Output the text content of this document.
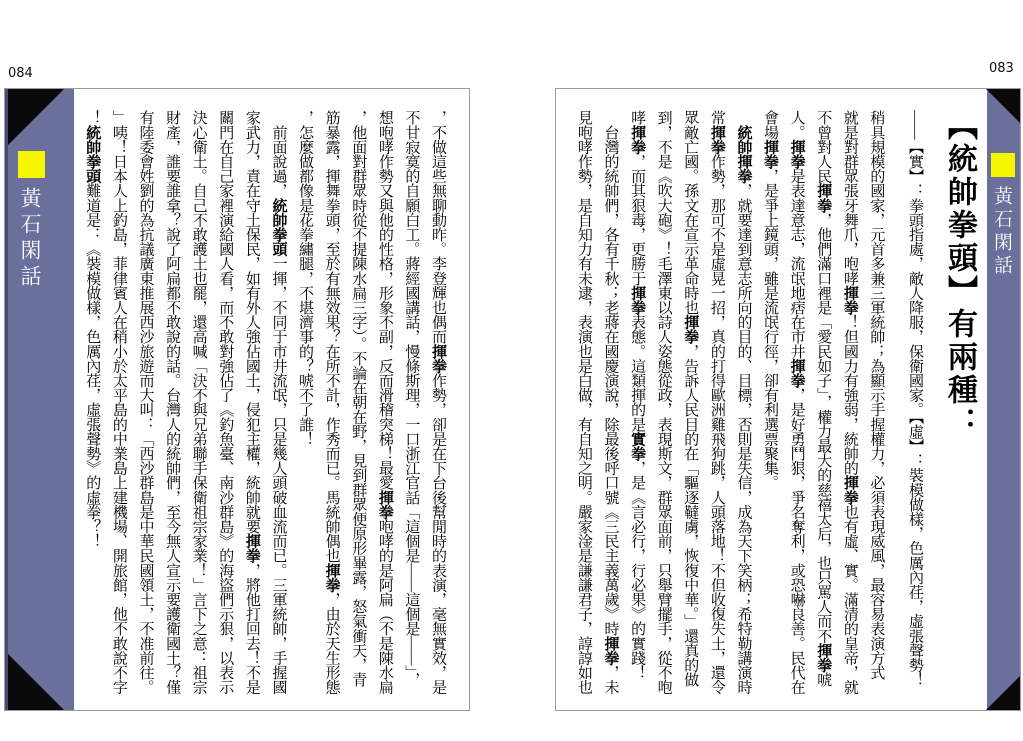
084	083
黃石閑話	，不做這些無聊動昨。李登輝也偶而揮拳作勢，卻是在下台後幫閒時的表演，毫無實效，是
不甘寂寞的自願白工。蔣經國講話，慢條斯理，一口浙江官話「這個是——這個是——」，
想咆哮作勢又與他的性格，形象不副，反而滑稽突梯！最愛揮拳咆哮的是阿扁（不是陳水扁
，他面對群眾時從不提陳水扁三字）。不論在朝在野，見到群眾便原形畢露，怒氣衝天，青
筋暴露，揮舞拳頭，至於有無效果？在所不計，作秀而已。馬統帥偶也揮拳，由於天生形態
，怎麼做都像是花拳繡腿，不堪濟事的？唬不了誰！
　前面說過，統帥拳頭一揮，不同于市井流氓，只是幾人頭破血流而已。三軍統帥，手握國
家武力，責在守土保民，如有外人強佔國土，侵犯主權，統帥就要揮拳，將他打回去！不是
關門在自己家裡演給國人看，而不敢對強佔了《釣魚臺、南沙群島》的海盜們示狠，以表示
決心衛土。自己不敢護土也罷，還高喊「決不與兄弟聯手保衛祖宗家業！」言下之意：祖宗
財產，誰要誰拿？說了阿扁都不敢說的話。台灣人的統帥們，至今無人宣示要護衛國土？僅
有陸委會姓劉的為抗議廣東推展西沙旅遊而大叫：「西沙群島是中華民國領土，不准前往。
」咦！日本人上釣島，菲律賓人在稍小於太平島的中業島上建機場、開旅館，他不敢說不字
！統帥拳頭難道是：《裝模做樣，色厲內荏，虛張聲勢》的虛拳？！	黃石閑話
【統帥拳頭】有兩種：
——【實】：拳頭指處，敵人降服，保衛國家。【虛】：裝模做樣，色厲內荏，虛張聲勢！
稍具規模的國家，元首多兼三軍統帥；為顯示手握權力，必須表現威風，最容易表演方式
就是對群眾張牙舞爪，咆哮揮拳！但國力有強弱，統帥的揮拳也有虛、實。滿清的皇帝，就
不曾對人民揮拳，他們滿口裡是「愛民如子」，權力最大的慈禧太后，也只罵人而不揮拳唬
人。揮拳是表達意志，流氓地痞在市井揮拳，是好勇鬥狠，爭名奪利，或恐嚇良善。民代在
會場揮拳，是爭上鏡頭，雖是流氓行徑，卻有利選票聚集。
　統帥揮拳，就要達到意志所向的目的、目標，否則是失信，成為天下笑柄；希特勒講演時
常揮拳作勢，那可不是虛晃一招，真的打得歐洲雞飛狗跳，人頭落地！不但收復失土，還令
眾敵亡國。孫文在宣示革命時也揮拳，告訴人民目的在「驅逐韃虜，恢復中華。」還真的做
到，不是《吹大砲》！毛澤東以詩人姿態從政，表現斯文，群眾面前，只舉臂擺手，從不咆
哮揮拳，而其狠毒，更勝于揮拳表態。這類揮的是實拳，是《言必行，行必果》的實踐！
　台灣的統帥們，各有千秋；老蔣在國慶演說，除最後呼口號《三民主義萬歲》時揮拳，未
見咆哮作勢，是自知力有未逮，表演也是白做，有自知之明。嚴家淦是謙謙君子，諄諄如也
